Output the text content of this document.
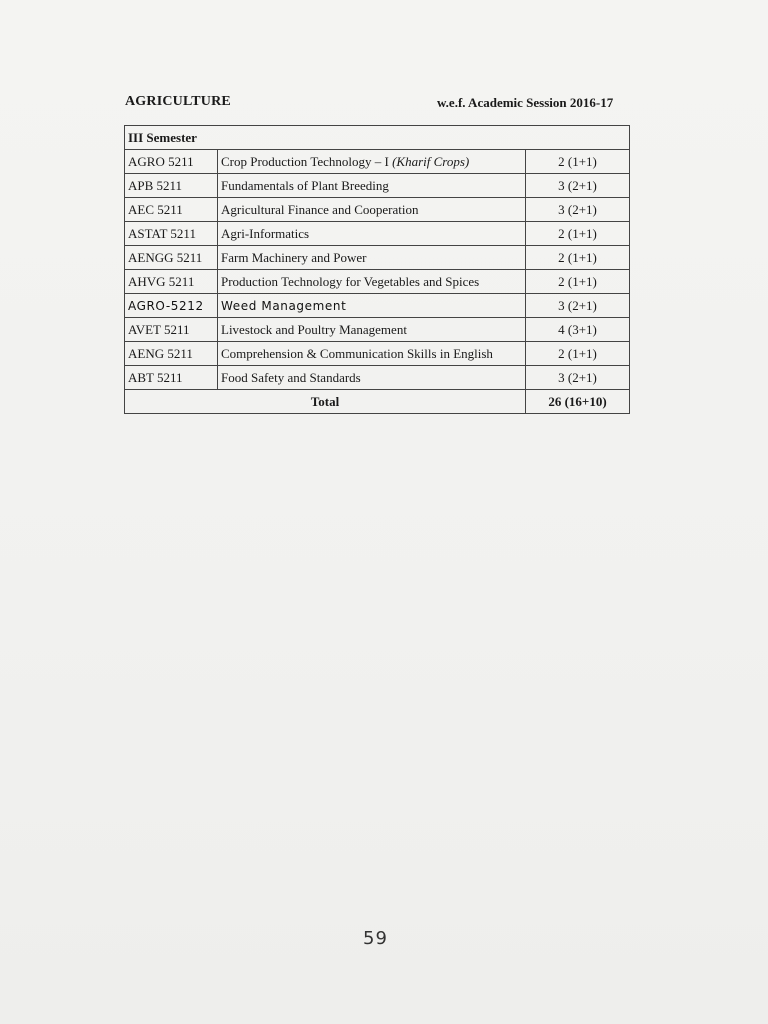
AGRICULTURE	w.e.f. Academic Session 2016-17
III Semester		
AGRO 5211	Crop Production Technology – I (Kharif Crops)	2 (1+1)
APB 5211	Fundamentals of Plant Breeding	3 (2+1)
AEC 5211	Agricultural Finance and Cooperation	3 (2+1)
ASTAT 5211	Agri-Informatics	2 (1+1)
AENGG 5211	Farm Machinery and Power	2 (1+1)
AHVG 5211	Production Technology for Vegetables and Spices	2 (1+1)
AGRO-5212	Weed Management	3 (2+1)
AVET 5211	Livestock and Poultry Management	4 (3+1)
AENG 5211	Comprehension & Communication Skills in English	2 (1+1)
ABT 5211	Food Safety and Standards	3 (2+1)
Total		26 (16+10)
59
